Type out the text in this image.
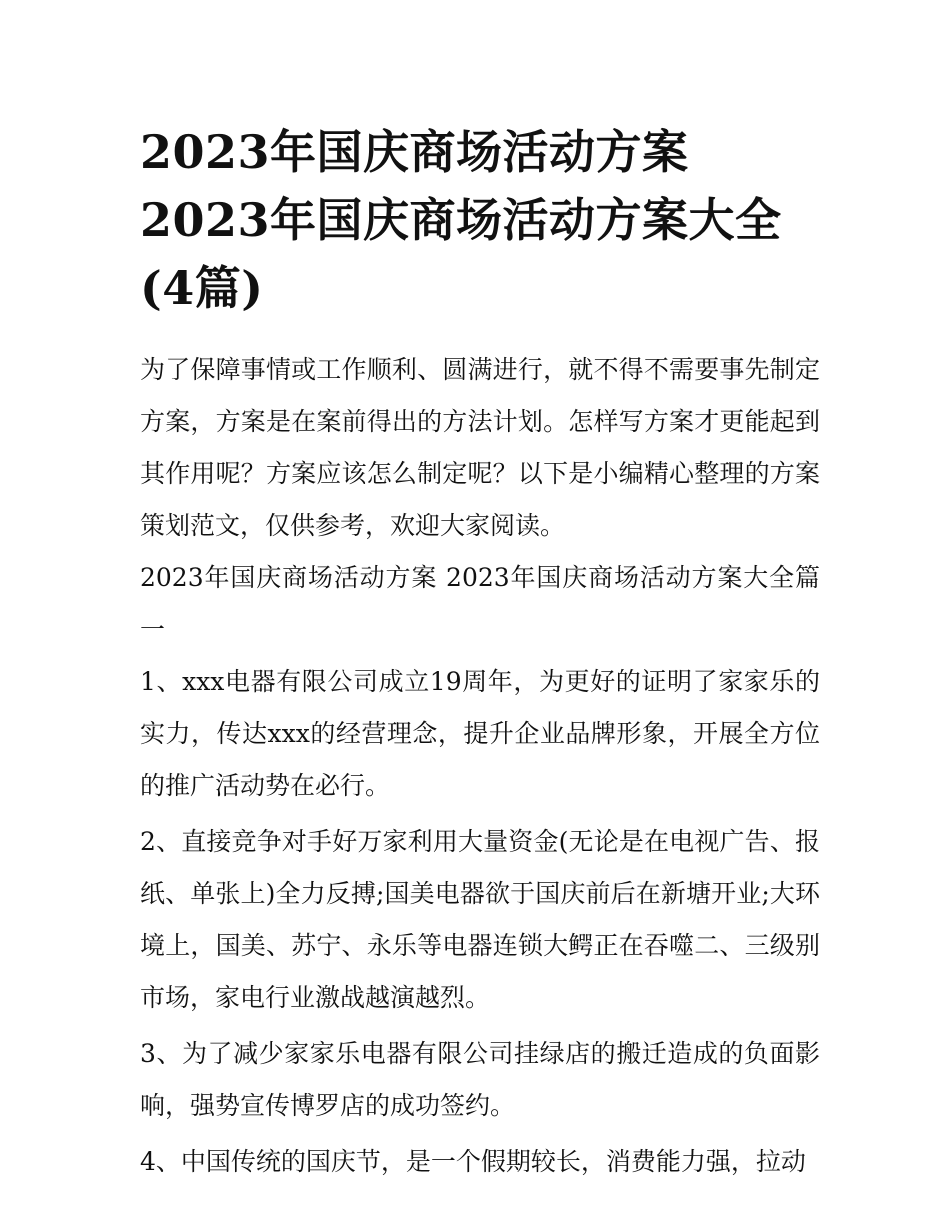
2023年国庆商场活动方案
2023年国庆商场活动方案大全
(4篇)

为了保障事情或工作顺利、圆满进行，就不得不需要事先制定方案，方案是在案前得出的方法计划。怎样写方案才更能起到其作用呢？方案应该怎么制定呢？以下是小编精心整理的方案策划范文，仅供参考，欢迎大家阅读。

2023年国庆商场活动方案 2023年国庆商场活动方案大全篇一

1、xxx电器有限公司成立19周年，为更好的证明了家家乐的实力，传达xxx的经营理念，提升企业品牌形象，开展全方位的推广活动势在必行。

2、直接竞争对手好万家利用大量资金(无论是在电视广告、报纸、单张上)全力反搏;国美电器欲于国庆前后在新塘开业;大环境上，国美、苏宁、永乐等电器连锁大鳄正在吞噬二、三级别市场，家电行业激战越演越烈。

3、为了减少家家乐电器有限公司挂绿店的搬迁造成的负面影响，强势宣传博罗店的成功签约。

4、中国传统的国庆节，是一个假期较长，消费能力强，拉动
